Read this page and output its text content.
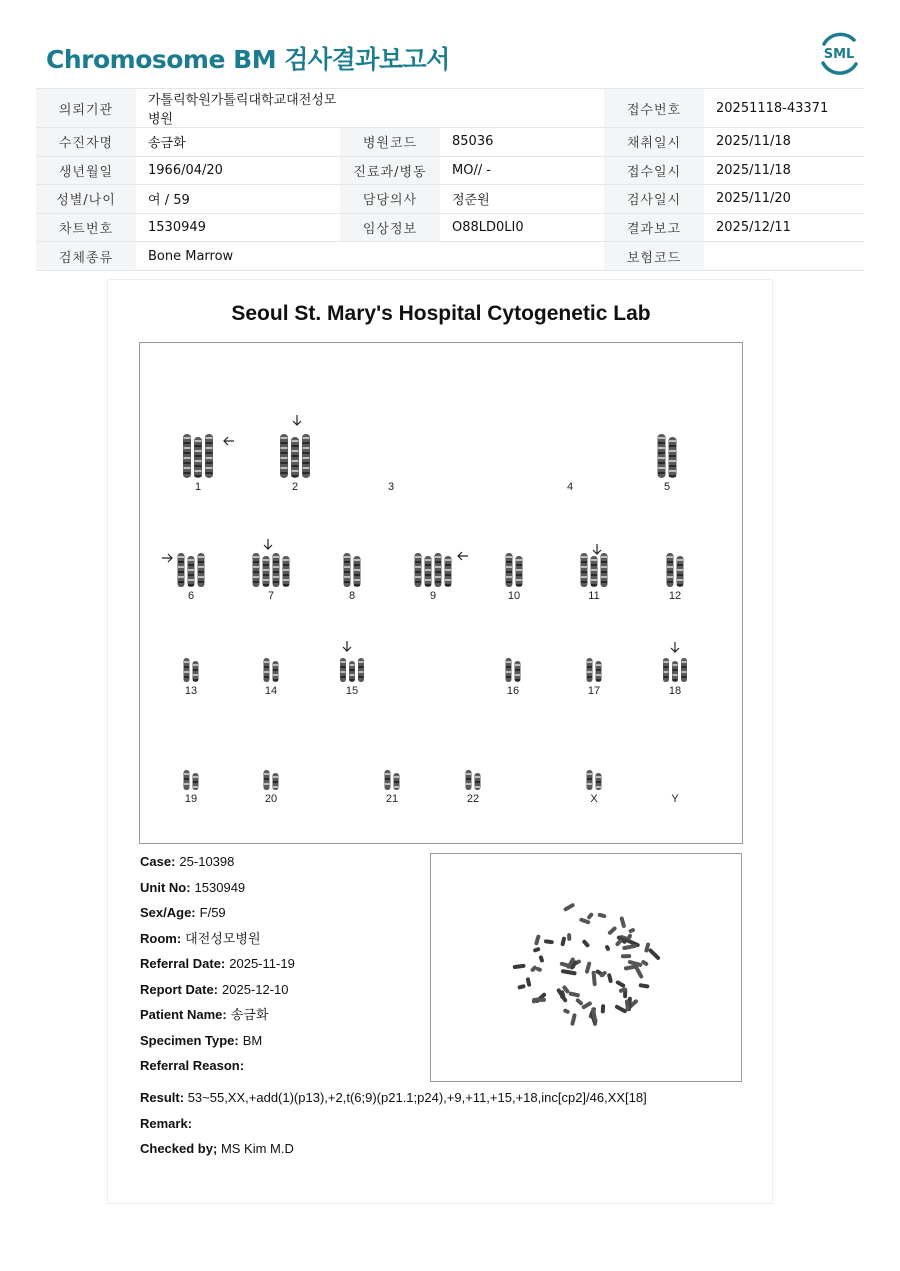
Chromosome BM 검사결과보고서	SML
의뢰기관	가톨릭학원가톨릭대학교대전성모병원			접수번호	20251118-43371
수진자명	송금화	병원코드	85036	채취일시	2025/11/18
생년월일	1966/04/20	진료과/병동	MO// -	접수일시	2025/11/18
성별/나이	여 / 59	담당의사	정준원	검사일시	2025/11/20
차트번호	1530949	임상정보	O88LD0LI0	결과보고	2025/12/11
검체종류	Bone Marrow			보험코드	
Seoul St. Mary's Hospital Cytogenetic Lab
1	2	3	4	5
6	7	8	9	10	11	12
13	14	15	16	17	18
19	20	21	22	X	Y
Case: 25-10398
Unit No: 1530949
Sex/Age: F/59
Room: 대전성모병원
Referral Date: 2025-11-19
Report Date: 2025-12-10
Patient Name: 송금화
Specimen Type: BM
Referral Reason:
Result: 53~55,XX,+add(1)(p13),+2,t(6;9)(p21.1;p24),+9,+11,+15,+18,inc[cp2]/46,XX[18]
Remark:
Checked by; MS Kim M.D
